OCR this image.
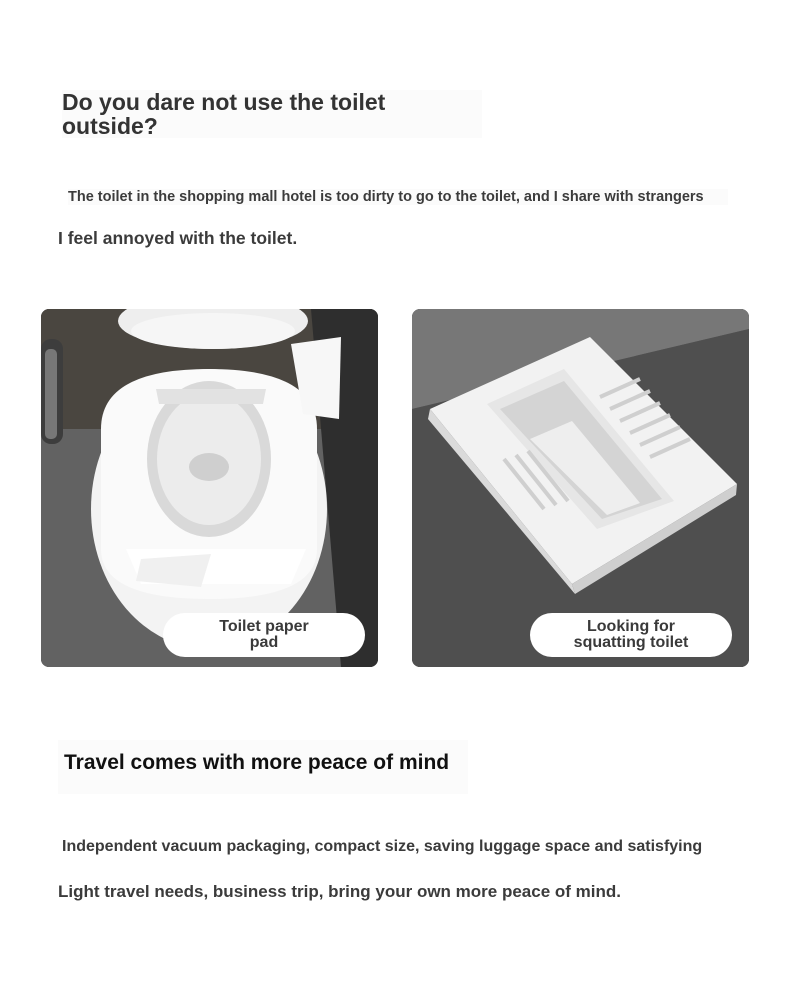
Do you dare not use the toilet
outside?
The toilet in the shopping mall hotel is too dirty to go to the toilet, and I share with strangers
I feel annoyed with the toilet.
Toilet paper
pad
Looking for
squatting toilet
Travel comes with more peace of mind
Independent vacuum packaging, compact size, saving luggage space and satisfying
Light travel needs, business trip, bring your own more peace of mind.
